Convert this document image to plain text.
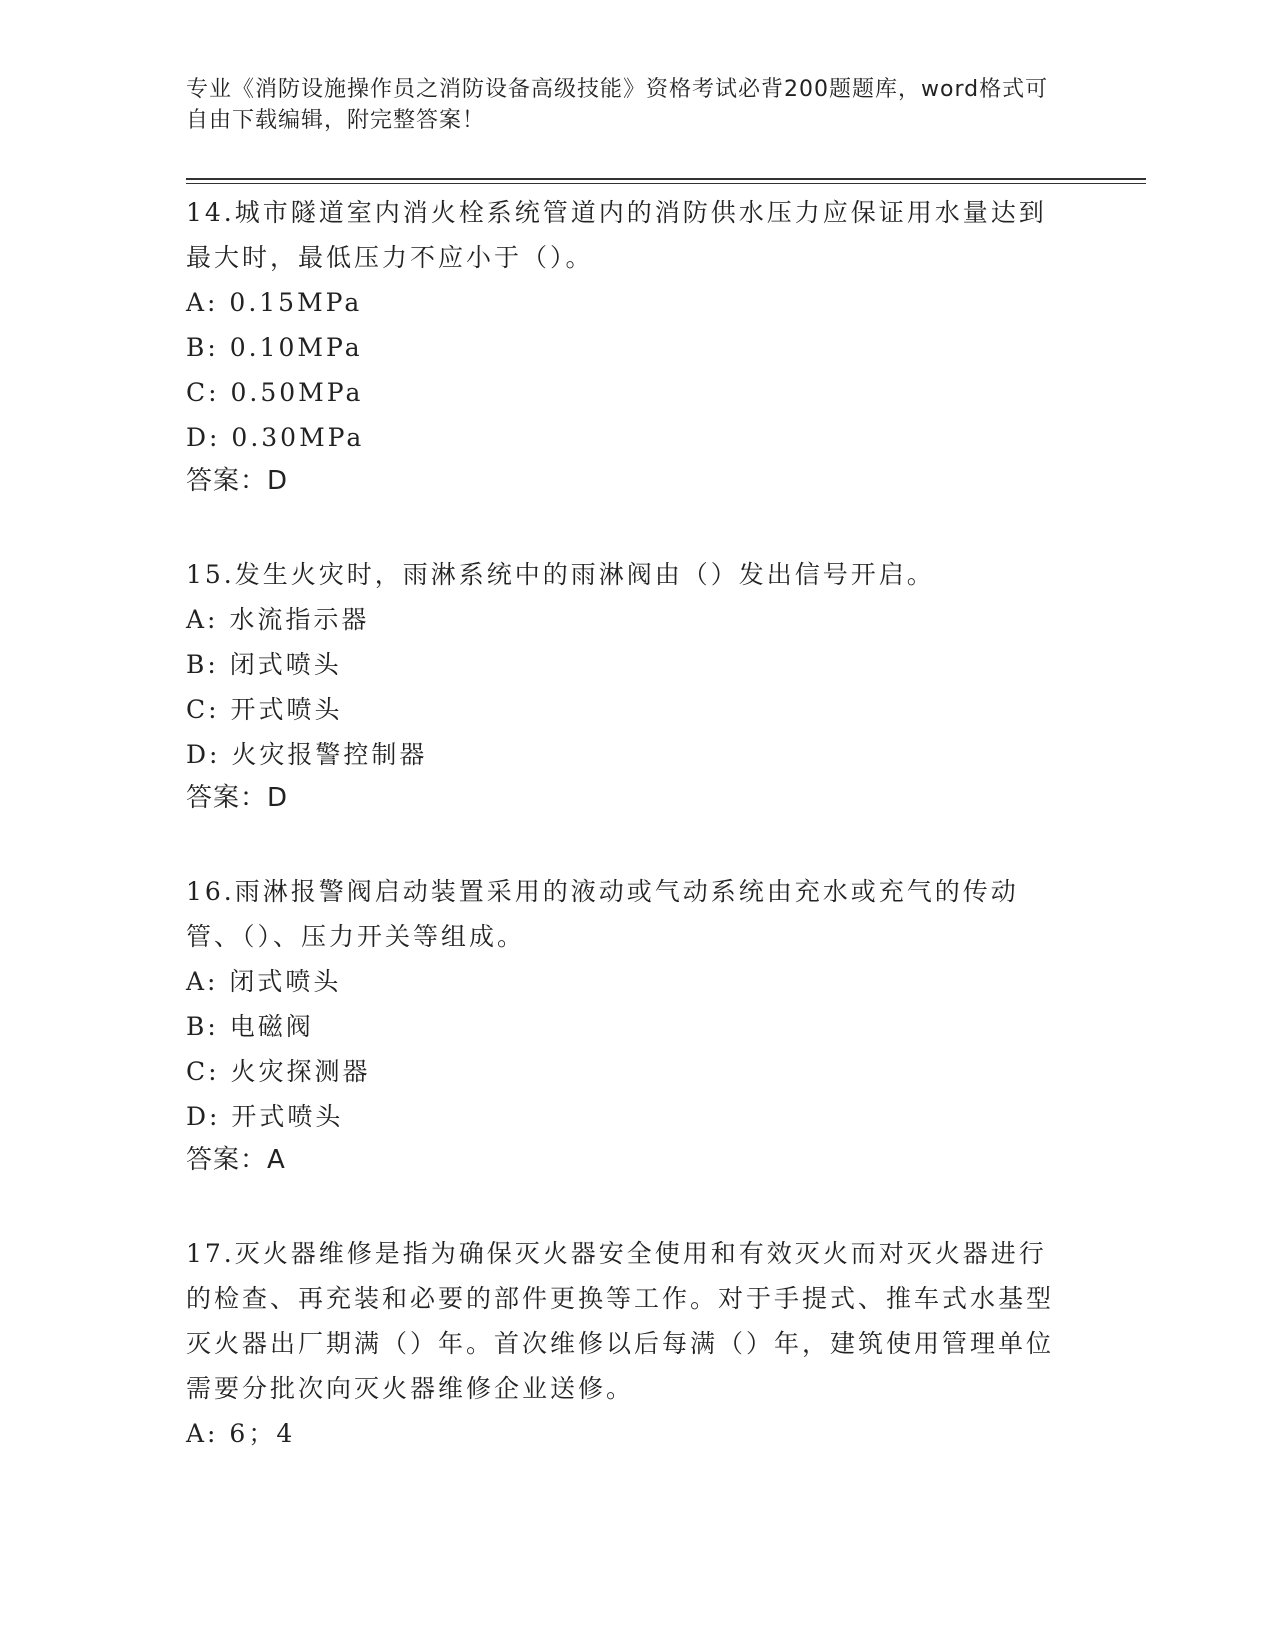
专业《消防设施操作员之消防设备高级技能》资格考试必背200题题库，word格式可自由下载编辑，附完整答案！
14.城市隧道室内消火栓系统管道内的消防供水压力应保证用水量达到最大时，最低压力不应小于（）。
A: 0.15MPa
B: 0.10MPa
C: 0.50MPa
D: 0.30MPa
答案：D
15.发生火灾时，雨淋系统中的雨淋阀由（）发出信号开启。
A: 水流指示器
B: 闭式喷头
C: 开式喷头
D: 火灾报警控制器
答案：D
16.雨淋报警阀启动装置采用的液动或气动系统由充水或充气的传动管、（）、压力开关等组成。
A: 闭式喷头
B: 电磁阀
C: 火灾探测器
D: 开式喷头
答案：A
17.灭火器维修是指为确保灭火器安全使用和有效灭火而对灭火器进行的检查、再充装和必要的部件更换等工作。对于手提式、推车式水基型灭火器出厂期满（）年。首次维修以后每满（）年，建筑使用管理单位需要分批次向灭火器维修企业送修。
A: 6；4
